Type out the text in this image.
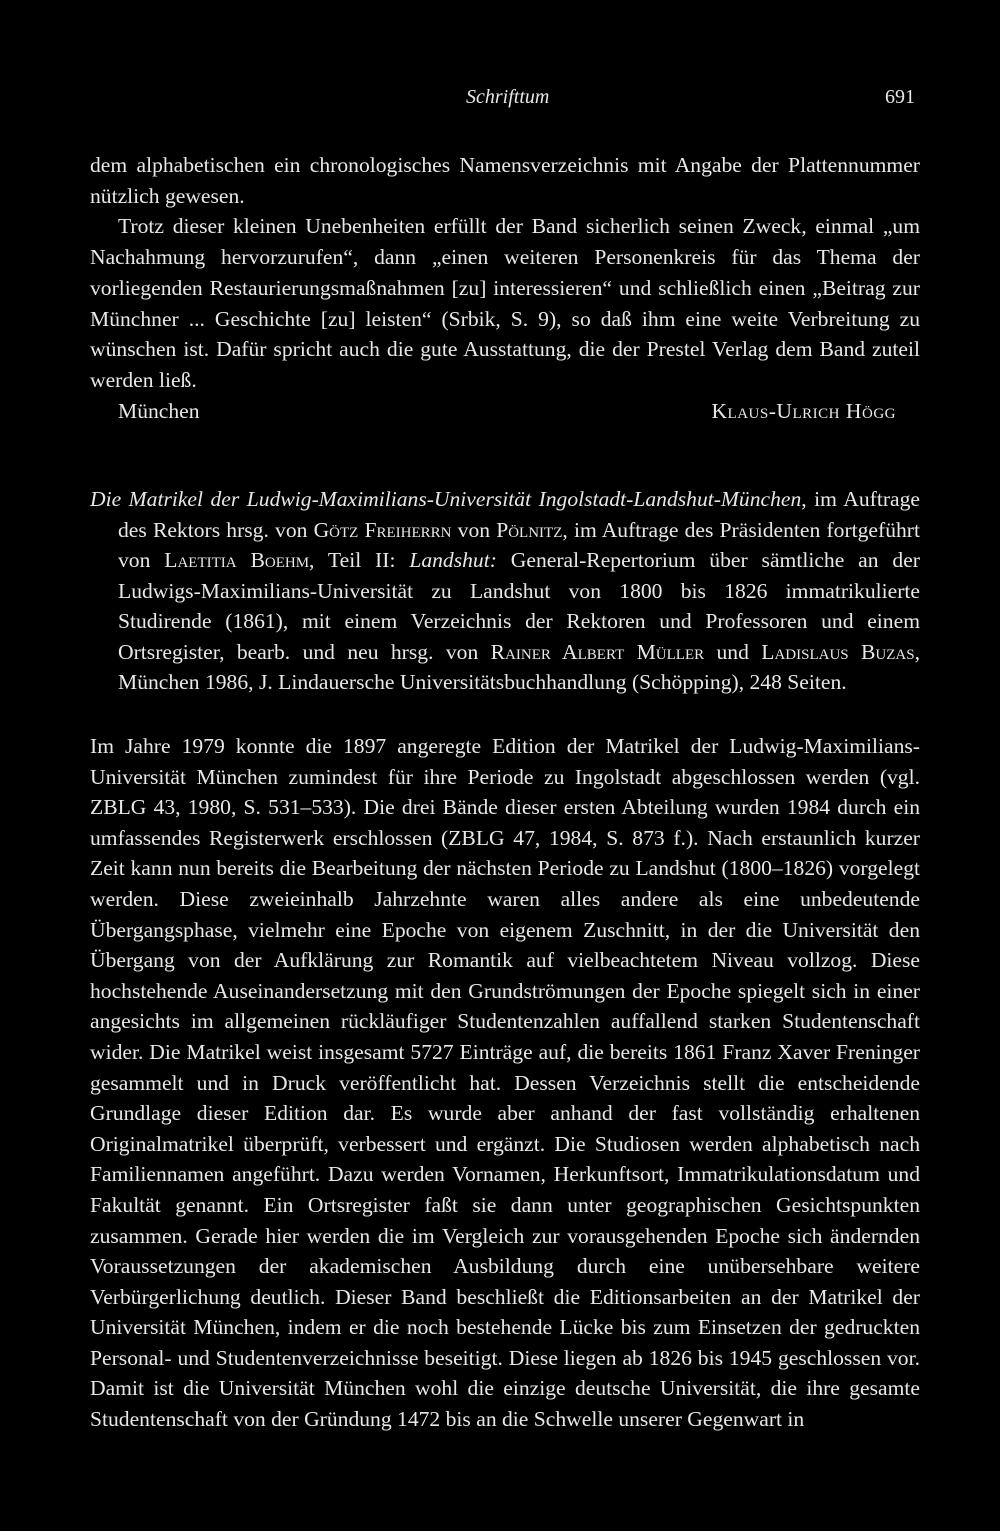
Schrifttum	691

dem alphabetischen ein chronologisches Namensverzeichnis mit Angabe der Plattennummer nützlich gewesen.

Trotz dieser kleinen Unebenheiten erfüllt der Band sicherlich seinen Zweck, einmal „um Nachahmung hervorzurufen“, dann „einen weiteren Personenkreis für das Thema der vorliegenden Restaurierungsmaßnahmen [zu] interessieren“ und schließlich einen „Beitrag zur Münchner ... Geschichte [zu] leisten“ (Srbik, S. 9), so daß ihm eine weite Verbreitung zu wünschen ist. Dafür spricht auch die gute Ausstattung, die der Prestel Verlag dem Band zuteil werden ließ.

München	Klaus-Ulrich Högg

Die Matrikel der Ludwig-Maximilians-Universität Ingolstadt-Landshut-München, im Auftrage des Rektors hrsg. von Götz Freiherrn von Pölnitz, im Auftrage des Präsidenten fortgeführt von Laetitia Boehm, Teil II: Landshut: General-Repertorium über sämtliche an der Ludwigs-Maximilians-Universität zu Landshut von 1800 bis 1826 immatrikulierte Studirende (1861), mit einem Verzeichnis der Rektoren und Professoren und einem Ortsregister, bearb. und neu hrsg. von Rainer Albert Müller und Ladislaus Buzas, München 1986, J. Lindauersche Universitätsbuchhandlung (Schöpping), 248 Seiten.

Im Jahre 1979 konnte die 1897 angeregte Edition der Matrikel der Ludwig-Maximilians-Universität München zumindest für ihre Periode zu Ingolstadt abgeschlossen werden (vgl. ZBLG 43, 1980, S. 531–533). Die drei Bände dieser ersten Abteilung wurden 1984 durch ein umfassendes Registerwerk erschlossen (ZBLG 47, 1984, S. 873 f.). Nach erstaunlich kurzer Zeit kann nun bereits die Bearbeitung der nächsten Periode zu Landshut (1800–1826) vorgelegt werden. Diese zweieinhalb Jahrzehnte waren alles andere als eine unbedeutende Übergangsphase, vielmehr eine Epoche von eigenem Zuschnitt, in der die Universität den Übergang von der Aufklärung zur Romantik auf vielbeachtetem Niveau vollzog. Diese hochstehende Auseinandersetzung mit den Grundströmungen der Epoche spiegelt sich in einer angesichts im allgemeinen rückläufiger Studentenzahlen auffallend starken Studentenschaft wider. Die Matrikel weist insgesamt 5727 Einträge auf, die bereits 1861 Franz Xaver Freninger gesammelt und in Druck veröffentlicht hat. Dessen Verzeichnis stellt die entscheidende Grundlage dieser Edition dar. Es wurde aber anhand der fast vollständig erhaltenen Originalmatrikel überprüft, verbessert und ergänzt. Die Studiosen werden alphabetisch nach Familiennamen angeführt. Dazu werden Vornamen, Herkunftsort, Immatrikulationsdatum und Fakultät genannt. Ein Ortsregister faßt sie dann unter geographischen Gesichtspunkten zusammen. Gerade hier werden die im Vergleich zur vorausgehenden Epoche sich ändernden Voraussetzungen der akademischen Ausbildung durch eine unübersehbare weitere Verbürgerlichung deutlich. Dieser Band beschließt die Editionsarbeiten an der Matrikel der Universität München, indem er die noch bestehende Lücke bis zum Einsetzen der gedruckten Personal- und Studentenverzeichnisse beseitigt. Diese liegen ab 1826 bis 1945 geschlossen vor. Damit ist die Universität München wohl die einzige deutsche Universität, die ihre gesamte Studentenschaft von der Gründung 1472 bis an die Schwelle unserer Gegenwart in
